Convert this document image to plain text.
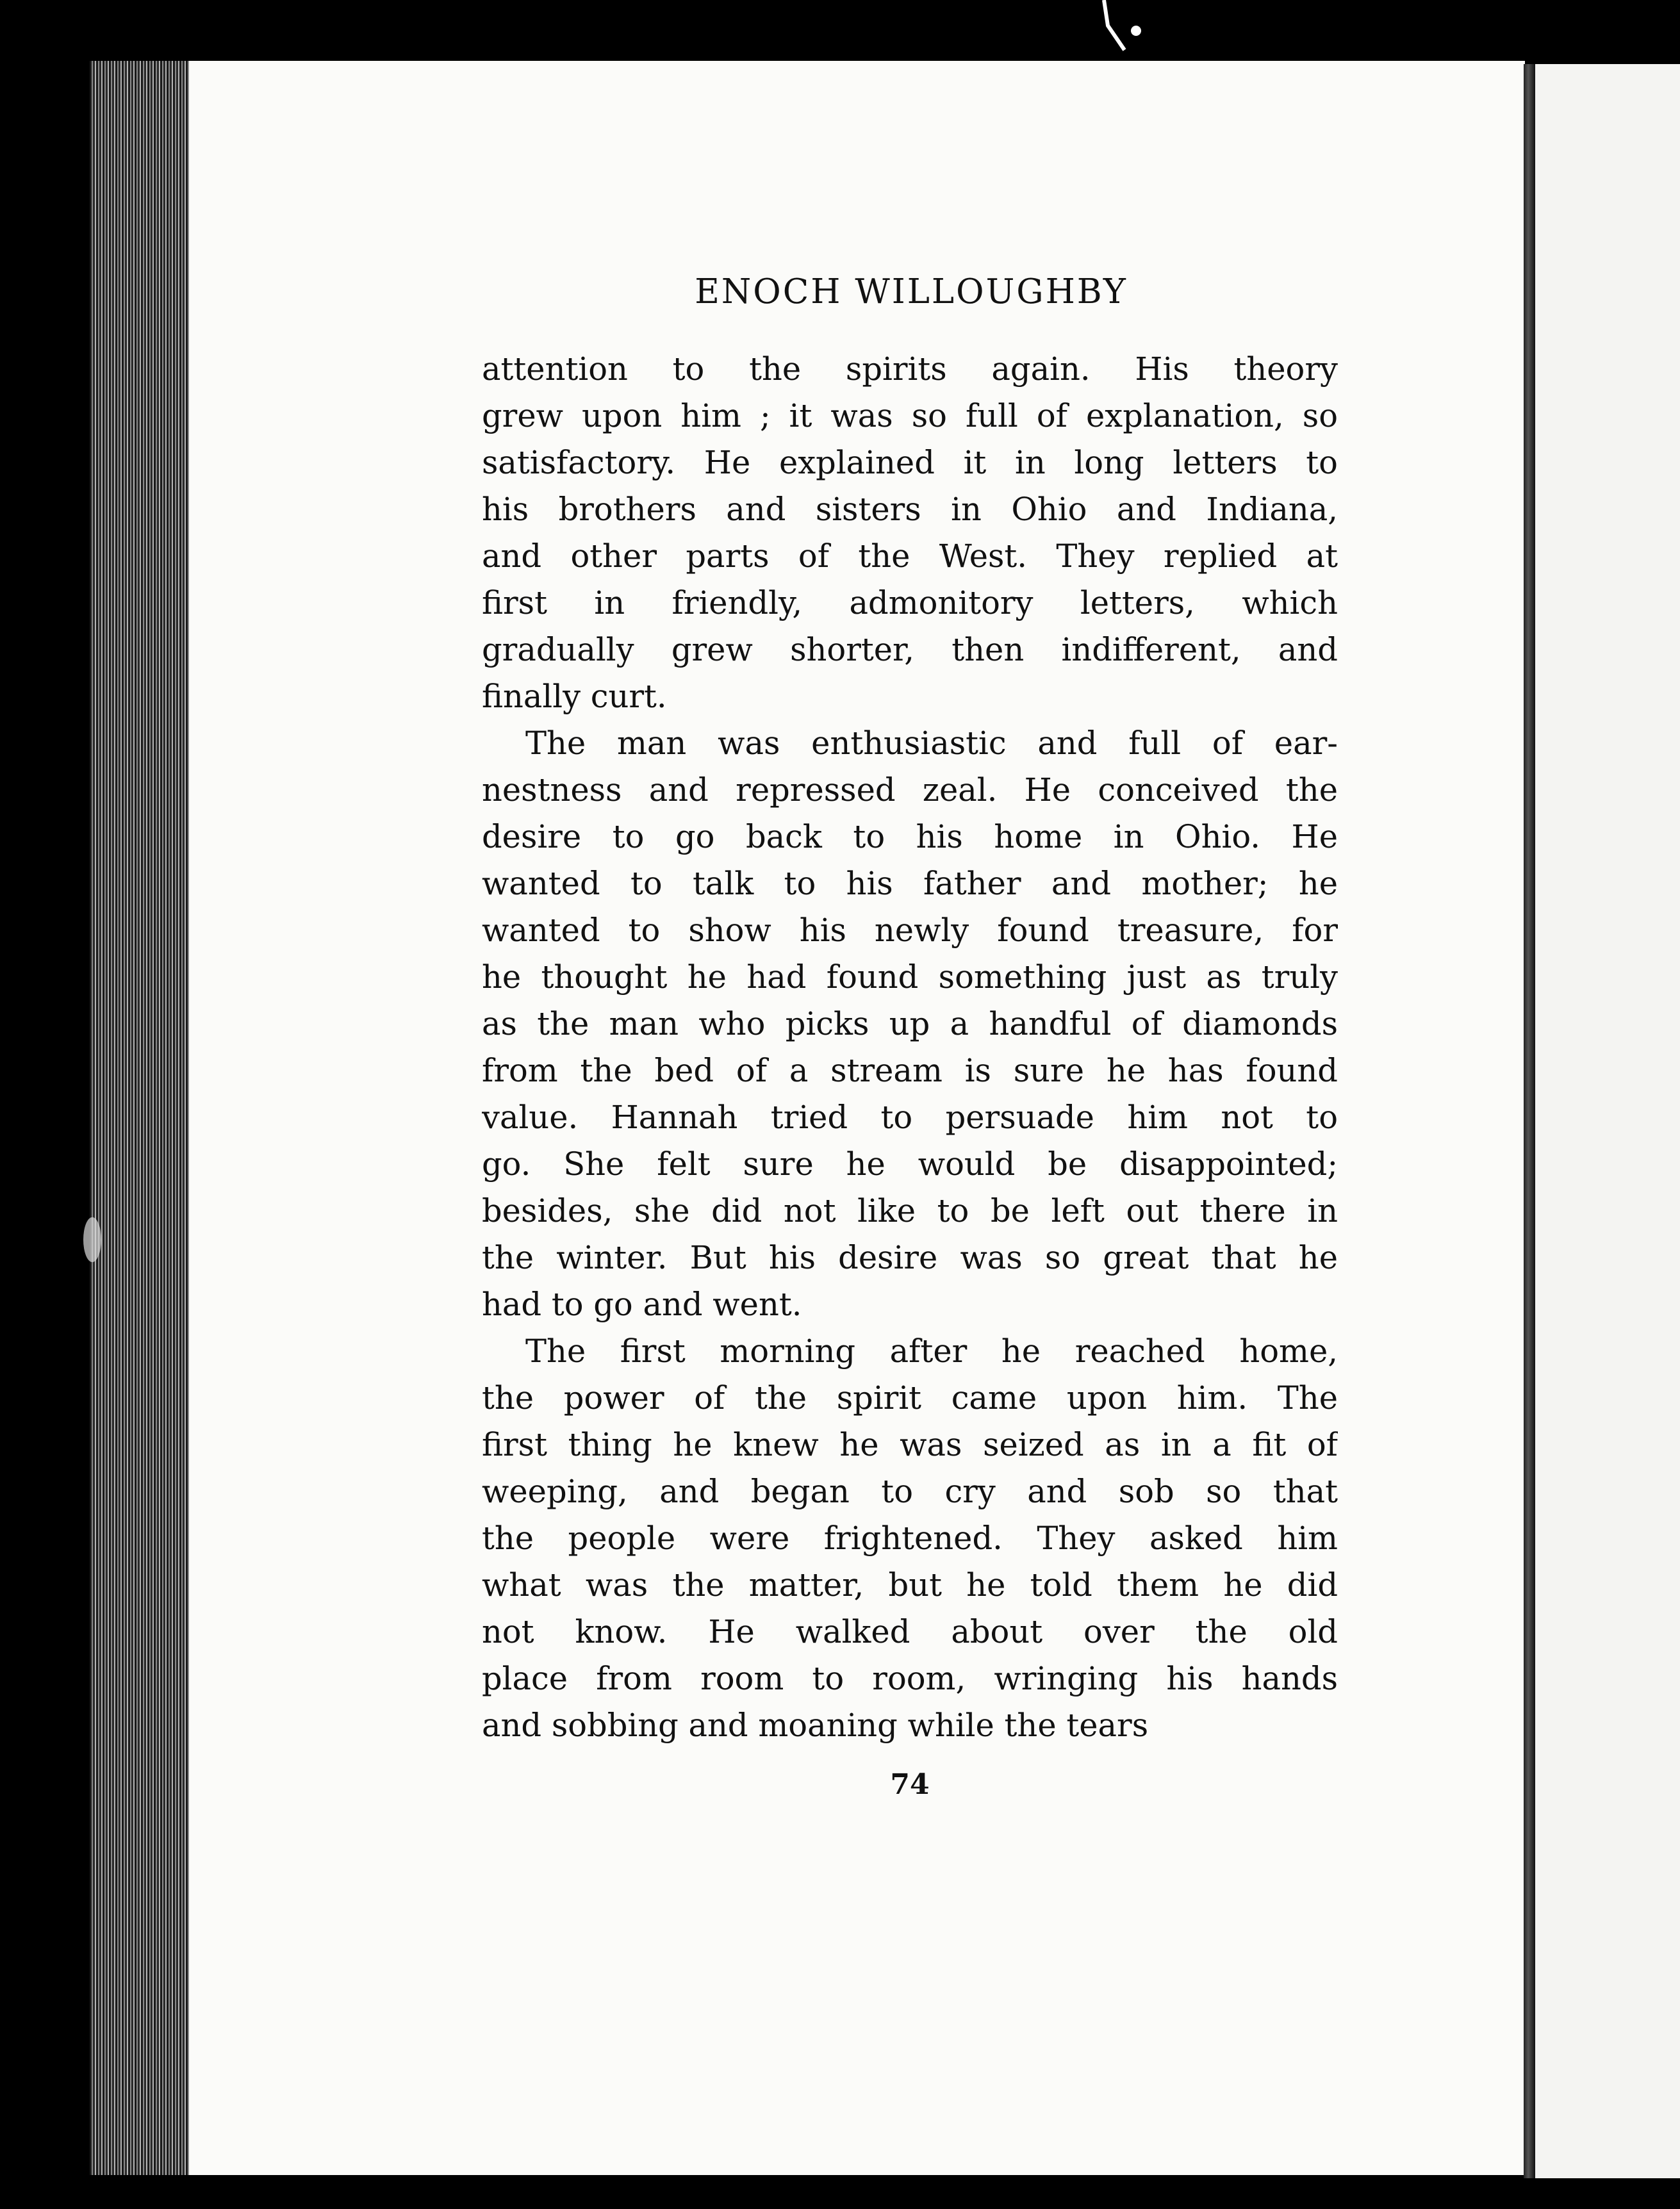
ENOCH WILLOUGHBY
attention to the spirits again. His theory
grew upon him ; it was so full of explanation, so
satisfactory. He explained it in long letters to
his brothers and sisters in Ohio and Indiana,
and other parts of the West. They replied at
first in friendly, admonitory letters, which
gradually grew shorter, then indifferent, and
finally curt.
The man was enthusiastic and full of ear-
nestness and repressed zeal. He conceived the
desire to go back to his home in Ohio. He
wanted to talk to his father and mother; he
wanted to show his newly found treasure, for
he thought he had found something just as truly
as the man who picks up a handful of diamonds
from the bed of a stream is sure he has found
value. Hannah tried to persuade him not to
go. She felt sure he would be disappointed;
besides, she did not like to be left out there in
the winter. But his desire was so great that he
had to go and went.
The first morning after he reached home,
the power of the spirit came upon him. The
first thing he knew he was seized as in a fit of
weeping, and began to cry and sob so that
the people were frightened. They asked him
what was the matter, but he told them he did
not know. He walked about over the old
place from room to room, wringing his hands
and sobbing and moaning while the tears
74
